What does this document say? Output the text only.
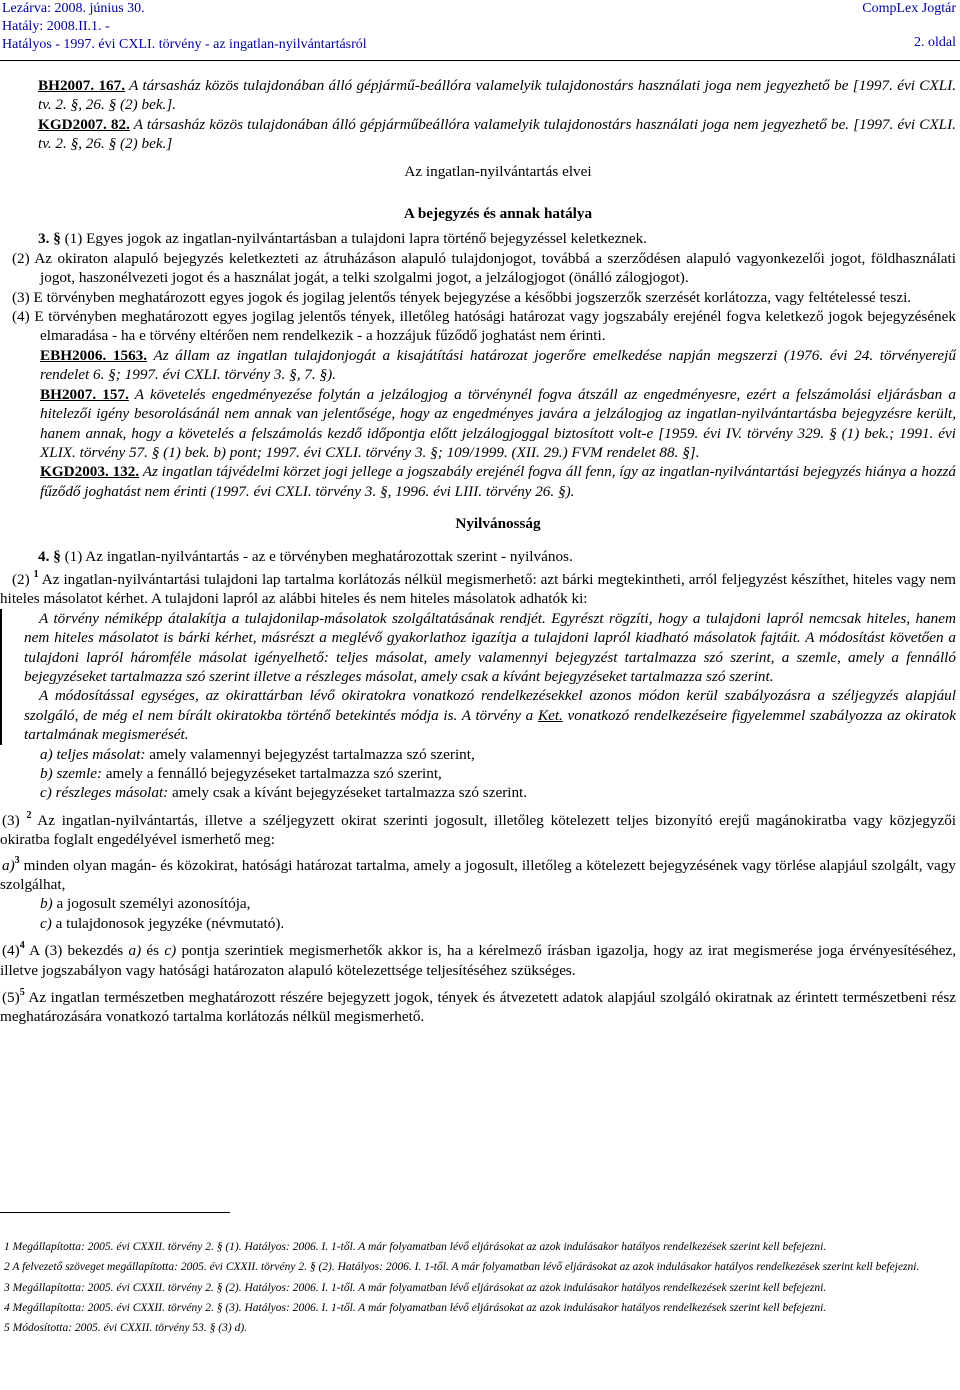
Lezárva: 2008. június 30.
Hatály: 2008.II.1. -
Hatályos - 1997. évi CXLI. törvény - az ingatlan-nyilvántartásról
CompLex Jogtár
2. oldal

BH2007. 167. A társasház közös tulajdonában álló gépjármű-beállóra valamelyik tulajdonostárs használati joga nem jegyezhető be [1997. évi CXLI. tv. 2. §, 26. § (2) bek.].

KGD2007. 82. A társasház közös tulajdonában álló gépjárműbeállóra valamelyik tulajdonostárs használati joga nem jegyezhető be. [1997. évi CXLI. tv. 2. §, 26. § (2) bek.]

Az ingatlan-nyilvántartás elvei

A bejegyzés és annak hatálya

3. § (1) Egyes jogok az ingatlan-nyilvántartásban a tulajdoni lapra történő bejegyzéssel keletkeznek.

(2) Az okiraton alapuló bejegyzés keletkezteti az átruházáson alapuló tulajdonjogot, továbbá a szerződésen alapuló vagyonkezelői jogot, földhasználati jogot, haszonélvezeti jogot és a használat jogát, a telki szolgalmi jogot, a jelzálogjogot (önálló zálogjogot).

(3) E törvényben meghatározott egyes jogok és jogilag jelentős tények bejegyzése a későbbi jogszerzők szerzését korlátozza, vagy feltételessé teszi.

(4) E törvényben meghatározott egyes jogilag jelentős tények, illetőleg hatósági határozat vagy jogszabály erejénél fogva keletkező jogok bejegyzésének elmaradása - ha e törvény eltérően nem rendelkezik - a hozzájuk fűződő joghatást nem érinti.

EBH2006. 1563. Az állam az ingatlan tulajdonjogát a kisajátítási határozat jogerőre emelkedése napján megszerzi (1976. évi 24. törvényerejű rendelet 6. §; 1997. évi CXLI. törvény 3. §, 7. §).

BH2007. 157. A követelés engedményezése folytán a jelzálogjog a törvénynél fogva átszáll az engedményesre, ezért a felszámolási eljárásban a hitelezői igény besorolásánál nem annak van jelentősége, hogy az engedményes javára a jelzálogjog az ingatlan-nyilvántartásba bejegyzésre került, hanem annak, hogy a követelés a felszámolás kezdő időpontja előtt jelzálogjoggal biztosított volt-e [1959. évi IV. törvény 329. § (1) bek.; 1991. évi XLIX. törvény 57. § (1) bek. b) pont; 1997. évi CXLI. törvény 3. §; 109/1999. (XII. 29.) FVM rendelet 88. §].

KGD2003. 132. Az ingatlan tájvédelmi körzet jogi jellege a jogszabály erejénél fogva áll fenn, így az ingatlan-nyilvántartási bejegyzés hiánya a hozzá fűződő joghatást nem érinti (1997. évi CXLI. törvény 3. §, 1996. évi LIII. törvény 26. §).

Nyilvánosság

4. § (1) Az ingatlan-nyilvántartás - az e törvényben meghatározottak szerint - nyilvános.

(2) $^1$ Az ingatlan-nyilvántartási tulajdoni lap tartalma korlátozás nélkül megismerhető: azt bárki megtekintheti, arról feljegyzést készíthet, hiteles vagy nem hiteles másolatot kérhet. A tulajdoni lapról az alábbi hiteles és nem hiteles másolatok adhatók ki:

A törvény némiképp átalakítja a tulajdonilap-másolatok szolgáltatásának rendjét. Egyrészt rögzíti, hogy a tulajdoni lapról nemcsak hiteles, hanem nem hiteles másolatot is bárki kérhet, másrészt a meglévő gyakorlathoz igazítja a tulajdoni lapról kiadható másolatok fajtáit. A módosítást követően a tulajdoni lapról háromféle másolat igényelhető: teljes másolat, amely valamennyi bejegyzést tartalmazza szó szerint, a szemle, amely a fennálló bejegyzéseket tartalmazza szó szerint illetve a részleges másolat, amely csak a kívánt bejegyzéseket tartalmazza szó szerint.

A módosítással egységes, az okirattárban lévő okiratokra vonatkozó rendelkezésekkel azonos módon kerül szabályozásra a széljegyzés alapjául szolgáló, de még el nem bírált okiratokba történő betekintés módja is. A törvény a Ket. vonatkozó rendelkezéseire figyelemmel szabályozza az okiratok tartalmának megismerését.

a) teljes másolat: amely valamennyi bejegyzést tartalmazza szó szerint,

b) szemle: amely a fennálló bejegyzéseket tartalmazza szó szerint,

c) részleges másolat: amely csak a kívánt bejegyzéseket tartalmazza szó szerint.

(3) $^2$ Az ingatlan-nyilvántartás, illetve a széljegyzett okirat szerinti jogosult, illetőleg kötelezett teljes bizonyító erejű magánokiratba vagy közjegyzői okiratba foglalt engedélyével ismerhető meg:

a)$^3$ minden olyan magán- és közokirat, hatósági határozat tartalma, amely a jogosult, illetőleg a kötelezett bejegyzésének vagy törlése alapjául szolgált, vagy szolgálhat,

b) a jogosult személyi azonosítója,

c) a tulajdonosok jegyzéke (névmutató).

$(4)^4$ A (3) bekezdés a) és c) pontja szerintiek megismerhetők akkor is, ha a kérelmező írásban igazolja, hogy az irat megismerése joga érvényesítéséhez, illetve jogszabályon vagy hatósági határozaton alapuló kötelezettsége teljesítéséhez szükséges.

$(5)^5$ Az ingatlan természetben meghatározott részére bejegyzett jogok, tények és átvezetett adatok alapjául szolgáló okiratnak az érintett természetbeni rész meghatározására vonatkozó tartalma korlátozás nélkül megismerhető.

1 Megállapította: 2005. évi CXXII. törvény 2. § (1). Hatályos: 2006. I. 1-től. A már folyamatban lévő eljárásokat az azok indulásakor hatályos rendelkezések szerint kell befejezni.

2 A felvezető szöveget megállapította: 2005. évi CXXII. törvény 2. § (2). Hatályos: 2006. I. 1-től. A már folyamatban lévő eljárásokat az azok indulásakor hatályos rendelkezések szerint kell befejezni.

3 Megállapította: 2005. évi CXXII. törvény 2. § (2). Hatályos: 2006. I. 1-től. A már folyamatban lévő eljárásokat az azok indulásakor hatályos rendelkezések szerint kell befejezni.

4 Megállapította: 2005. évi CXXII. törvény 2. § (3). Hatályos: 2006. I. 1-től. A már folyamatban lévő eljárásokat az azok indulásakor hatályos rendelkezések szerint kell befejezni.

5 Módosította: 2005. évi CXXII. törvény 53. § (3) d).
